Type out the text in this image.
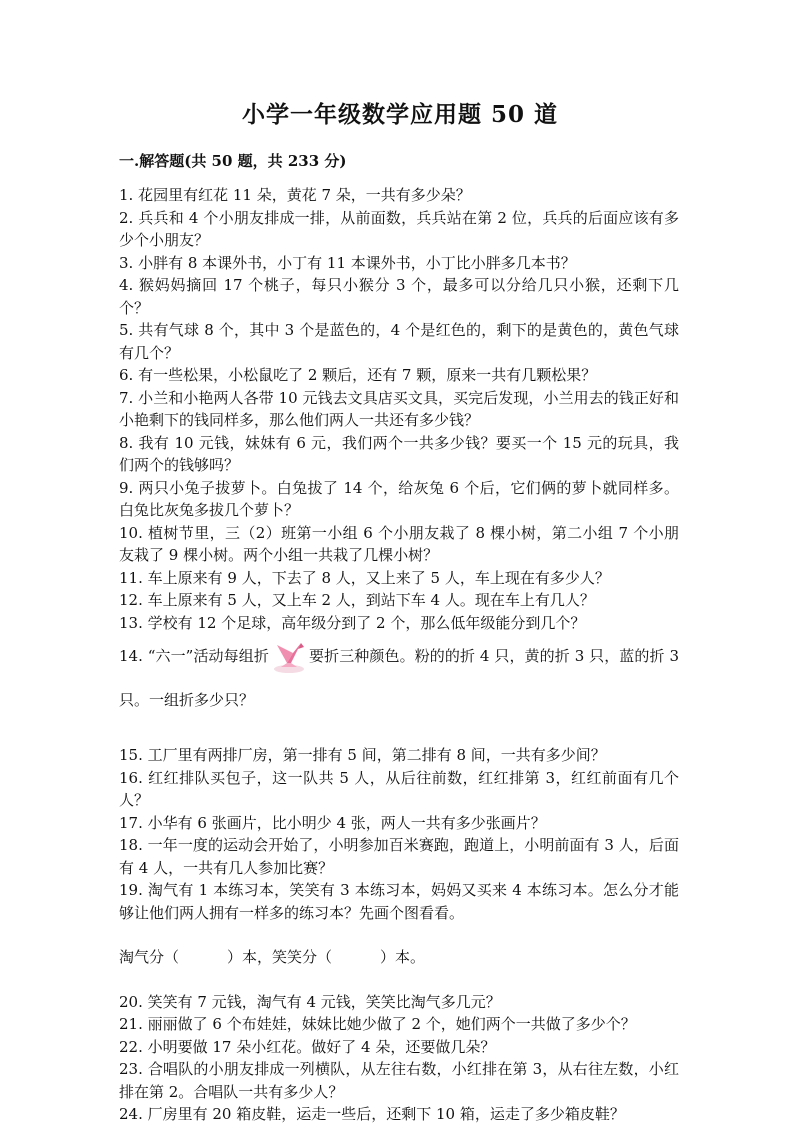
小学一年级数学应用题 50 道
一.解答题(共 50 题，共 233 分)

1. 花园里有红花 11 朵，黄花 7 朵，一共有多少朵？

2. 兵兵和 4 个小朋友排成一排，从前面数，兵兵站在第 2 位，兵兵的后面应该有多少个小朋友？

3. 小胖有 8 本课外书，小丁有 11 本课外书，小丁比小胖多几本书？

4. 猴妈妈摘回 17 个桃子，每只小猴分 3 个，最多可以分给几只小猴，还剩下几个？

5. 共有气球 8 个，其中 3 个是蓝色的，4 个是红色的，剩下的是黄色的，黄色气球有几个？

6. 有一些松果，小松鼠吃了 2 颗后，还有 7 颗，原来一共有几颗松果？

7. 小兰和小艳两人各带 10 元钱去文具店买文具，买完后发现，小兰用去的钱正好和小艳剩下的钱同样多，那么他们两人一共还有多少钱？

8. 我有 10 元钱，妹妹有 6 元，我们两个一共多少钱？要买一个 15 元的玩具，我们两个的钱够吗？

9. 两只小兔子拔萝卜。白兔拔了 14 个，给灰兔 6 个后，它们俩的萝卜就同样多。白兔比灰兔多拔几个萝卜？

10. 植树节里，三（2）班第一小组 6 个小朋友栽了 8 棵小树，第二小组 7 个小朋友栽了 9 棵小树。两个小组一共栽了几棵小树？

11. 车上原来有 9 人，下去了 8 人，又上来了 5 人，车上现在有多少人？

12. 车上原来有 5 人，又上车 2 人，到站下车 4 人。现在车上有几人？

13. 学校有 12 个足球，高年级分到了 2 个，那么低年级能分到几个？

14. “六一”活动每组折	要折三种颜色。粉的的折 4 只，黄的折 3 只，蓝的折 3 只。一组折多少只？

15. 工厂里有两排厂房，第一排有 5 间，第二排有 8 间，一共有多少间？

16. 红红排队买包子，这一队共 5 人，从后往前数，红红排第 3，红红前面有几个人？

17. 小华有 6 张画片，比小明少 4 张，两人一共有多少张画片？

18. 一年一度的运动会开始了，小明参加百米赛跑，跑道上，小明前面有 3 人，后面有 4 人，一共有几人参加比赛？

19. 淘气有 1 本练习本，笑笑有 3 本练习本，妈妈又买来 4 本练习本。怎么分才能够让他们两人拥有一样多的练习本？先画个图看看。

淘气分（	）本，笑笑分（	）本。

20. 笑笑有 7 元钱，淘气有 4 元钱，笑笑比淘气多几元？

21. 丽丽做了 6 个布娃娃，妹妹比她少做了 2 个，她们两个一共做了多少个？

22. 小明要做 17 朵小红花。做好了 4 朵，还要做几朵？

23. 合唱队的小朋友排成一列横队，从左往右数，小红排在第 3，从右往左数，小红排在第 2。合唱队一共有多少人？

24. 厂房里有 20 箱皮鞋，运走一些后，还剩下 10 箱，运走了多少箱皮鞋？
